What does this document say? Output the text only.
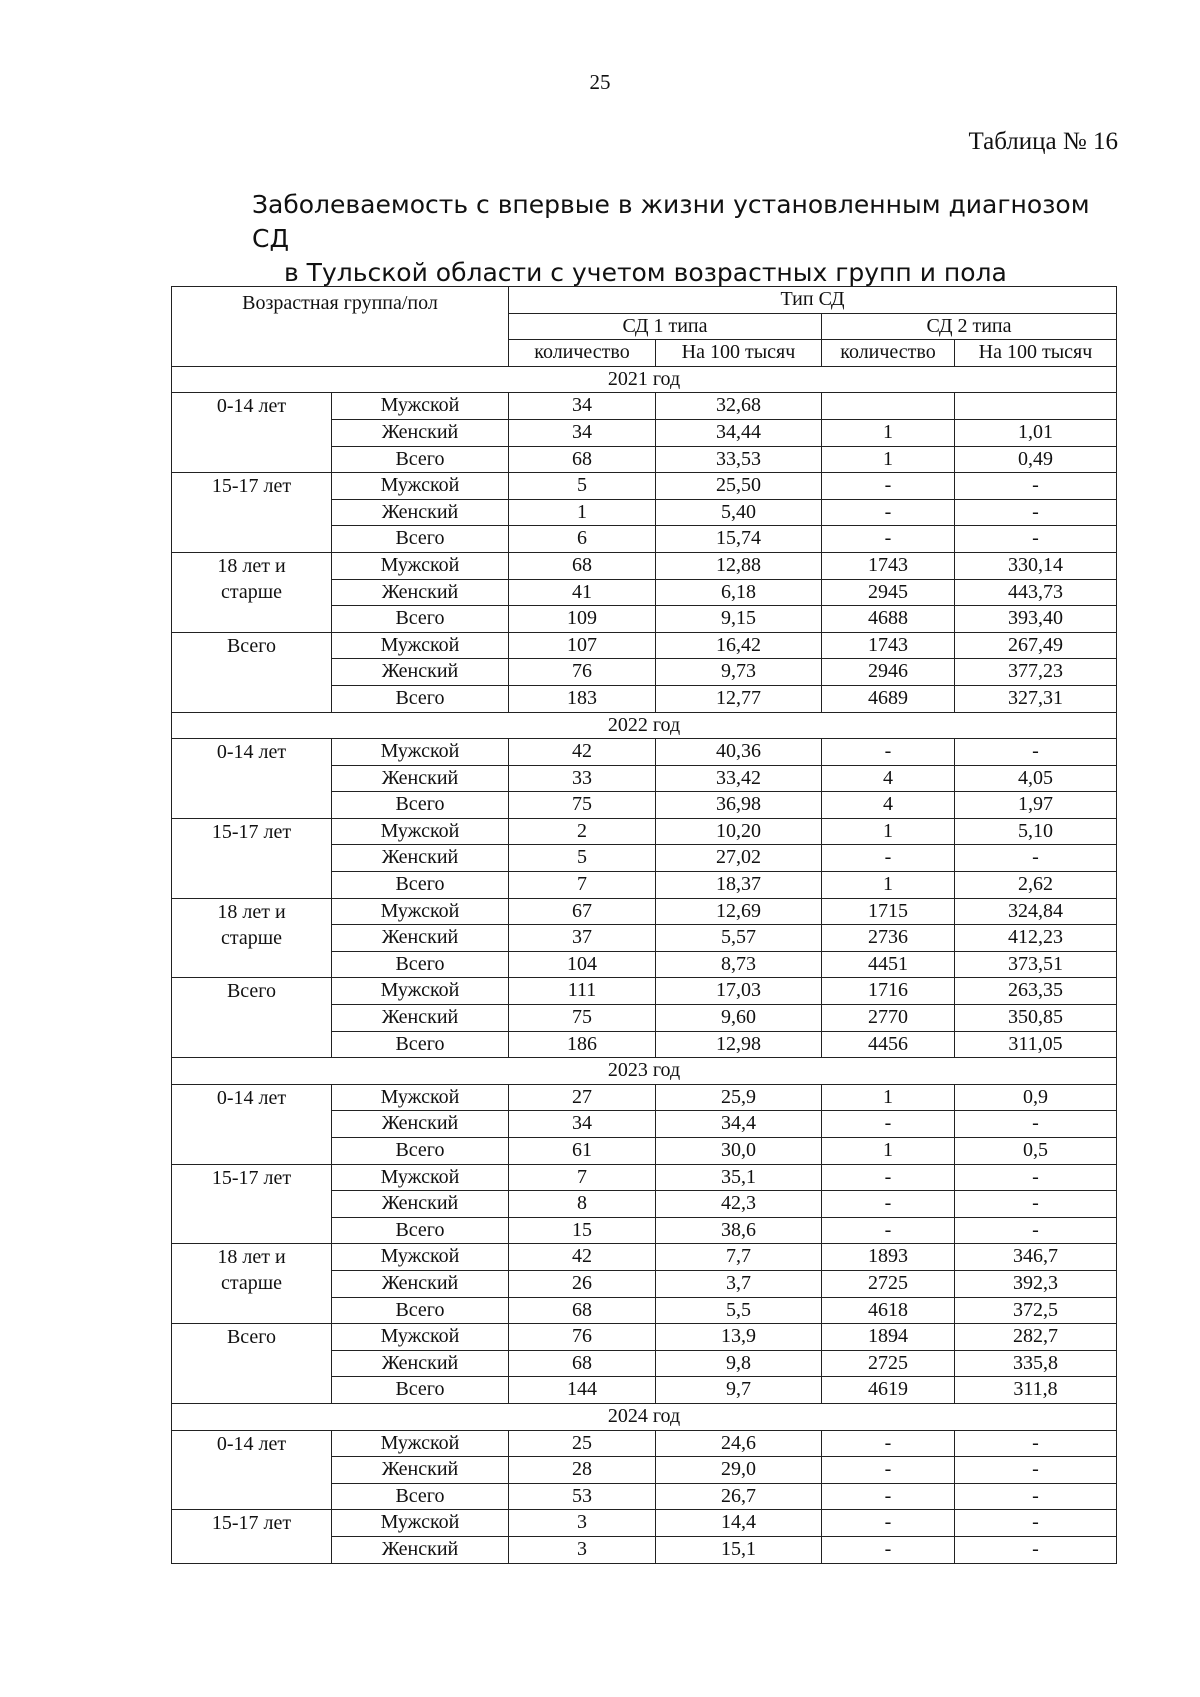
25
Таблица № 16
Заболеваемость с впервые в жизни установленным диагнозом СД
в Тульской области с учетом возрастных групп и пола
Возрастная группа/пол		Тип СД			
		СД 1 типа		СД 2 типа	
		количество	На 100 тысяч	количество	На 100 тысяч
2021 год					
0-14 лет	Мужской	34	32,68		
	Женский	34	34,44	1	1,01
	Всего	68	33,53	1	0,49
15-17 лет	Мужской	5	25,50	-	-
	Женский	1	5,40	-	-
	Всего	6	15,74	-	-
18 лет и
старше	Мужской	68	12,88	1743	330,14
	Женский	41	6,18	2945	443,73
	Всего	109	9,15	4688	393,40
Всего	Мужской	107	16,42	1743	267,49
	Женский	76	9,73	2946	377,23
	Всего	183	12,77	4689	327,31
2022 год					
0-14 лет	Мужской	42	40,36	-	-
	Женский	33	33,42	4	4,05
	Всего	75	36,98	4	1,97
15-17 лет	Мужской	2	10,20	1	5,10
	Женский	5	27,02	-	-
	Всего	7	18,37	1	2,62
18 лет и
старше	Мужской	67	12,69	1715	324,84
	Женский	37	5,57	2736	412,23
	Всего	104	8,73	4451	373,51
Всего	Мужской	111	17,03	1716	263,35
	Женский	75	9,60	2770	350,85
	Всего	186	12,98	4456	311,05
2023 год					
0-14 лет	Мужской	27	25,9	1	0,9
	Женский	34	34,4	-	-
	Всего	61	30,0	1	0,5
15-17 лет	Мужской	7	35,1	-	-
	Женский	8	42,3	-	-
	Всего	15	38,6	-	-
18 лет и
старше	Мужской	42	7,7	1893	346,7
	Женский	26	3,7	2725	392,3
	Всего	68	5,5	4618	372,5
Всего	Мужской	76	13,9	1894	282,7
	Женский	68	9,8	2725	335,8
	Всего	144	9,7	4619	311,8
2024 год					
0-14 лет	Мужской	25	24,6	-	-
	Женский	28	29,0	-	-
	Всего	53	26,7	-	-
15-17 лет	Мужской	3	14,4	-	-
	Женский	3	15,1	-	-
